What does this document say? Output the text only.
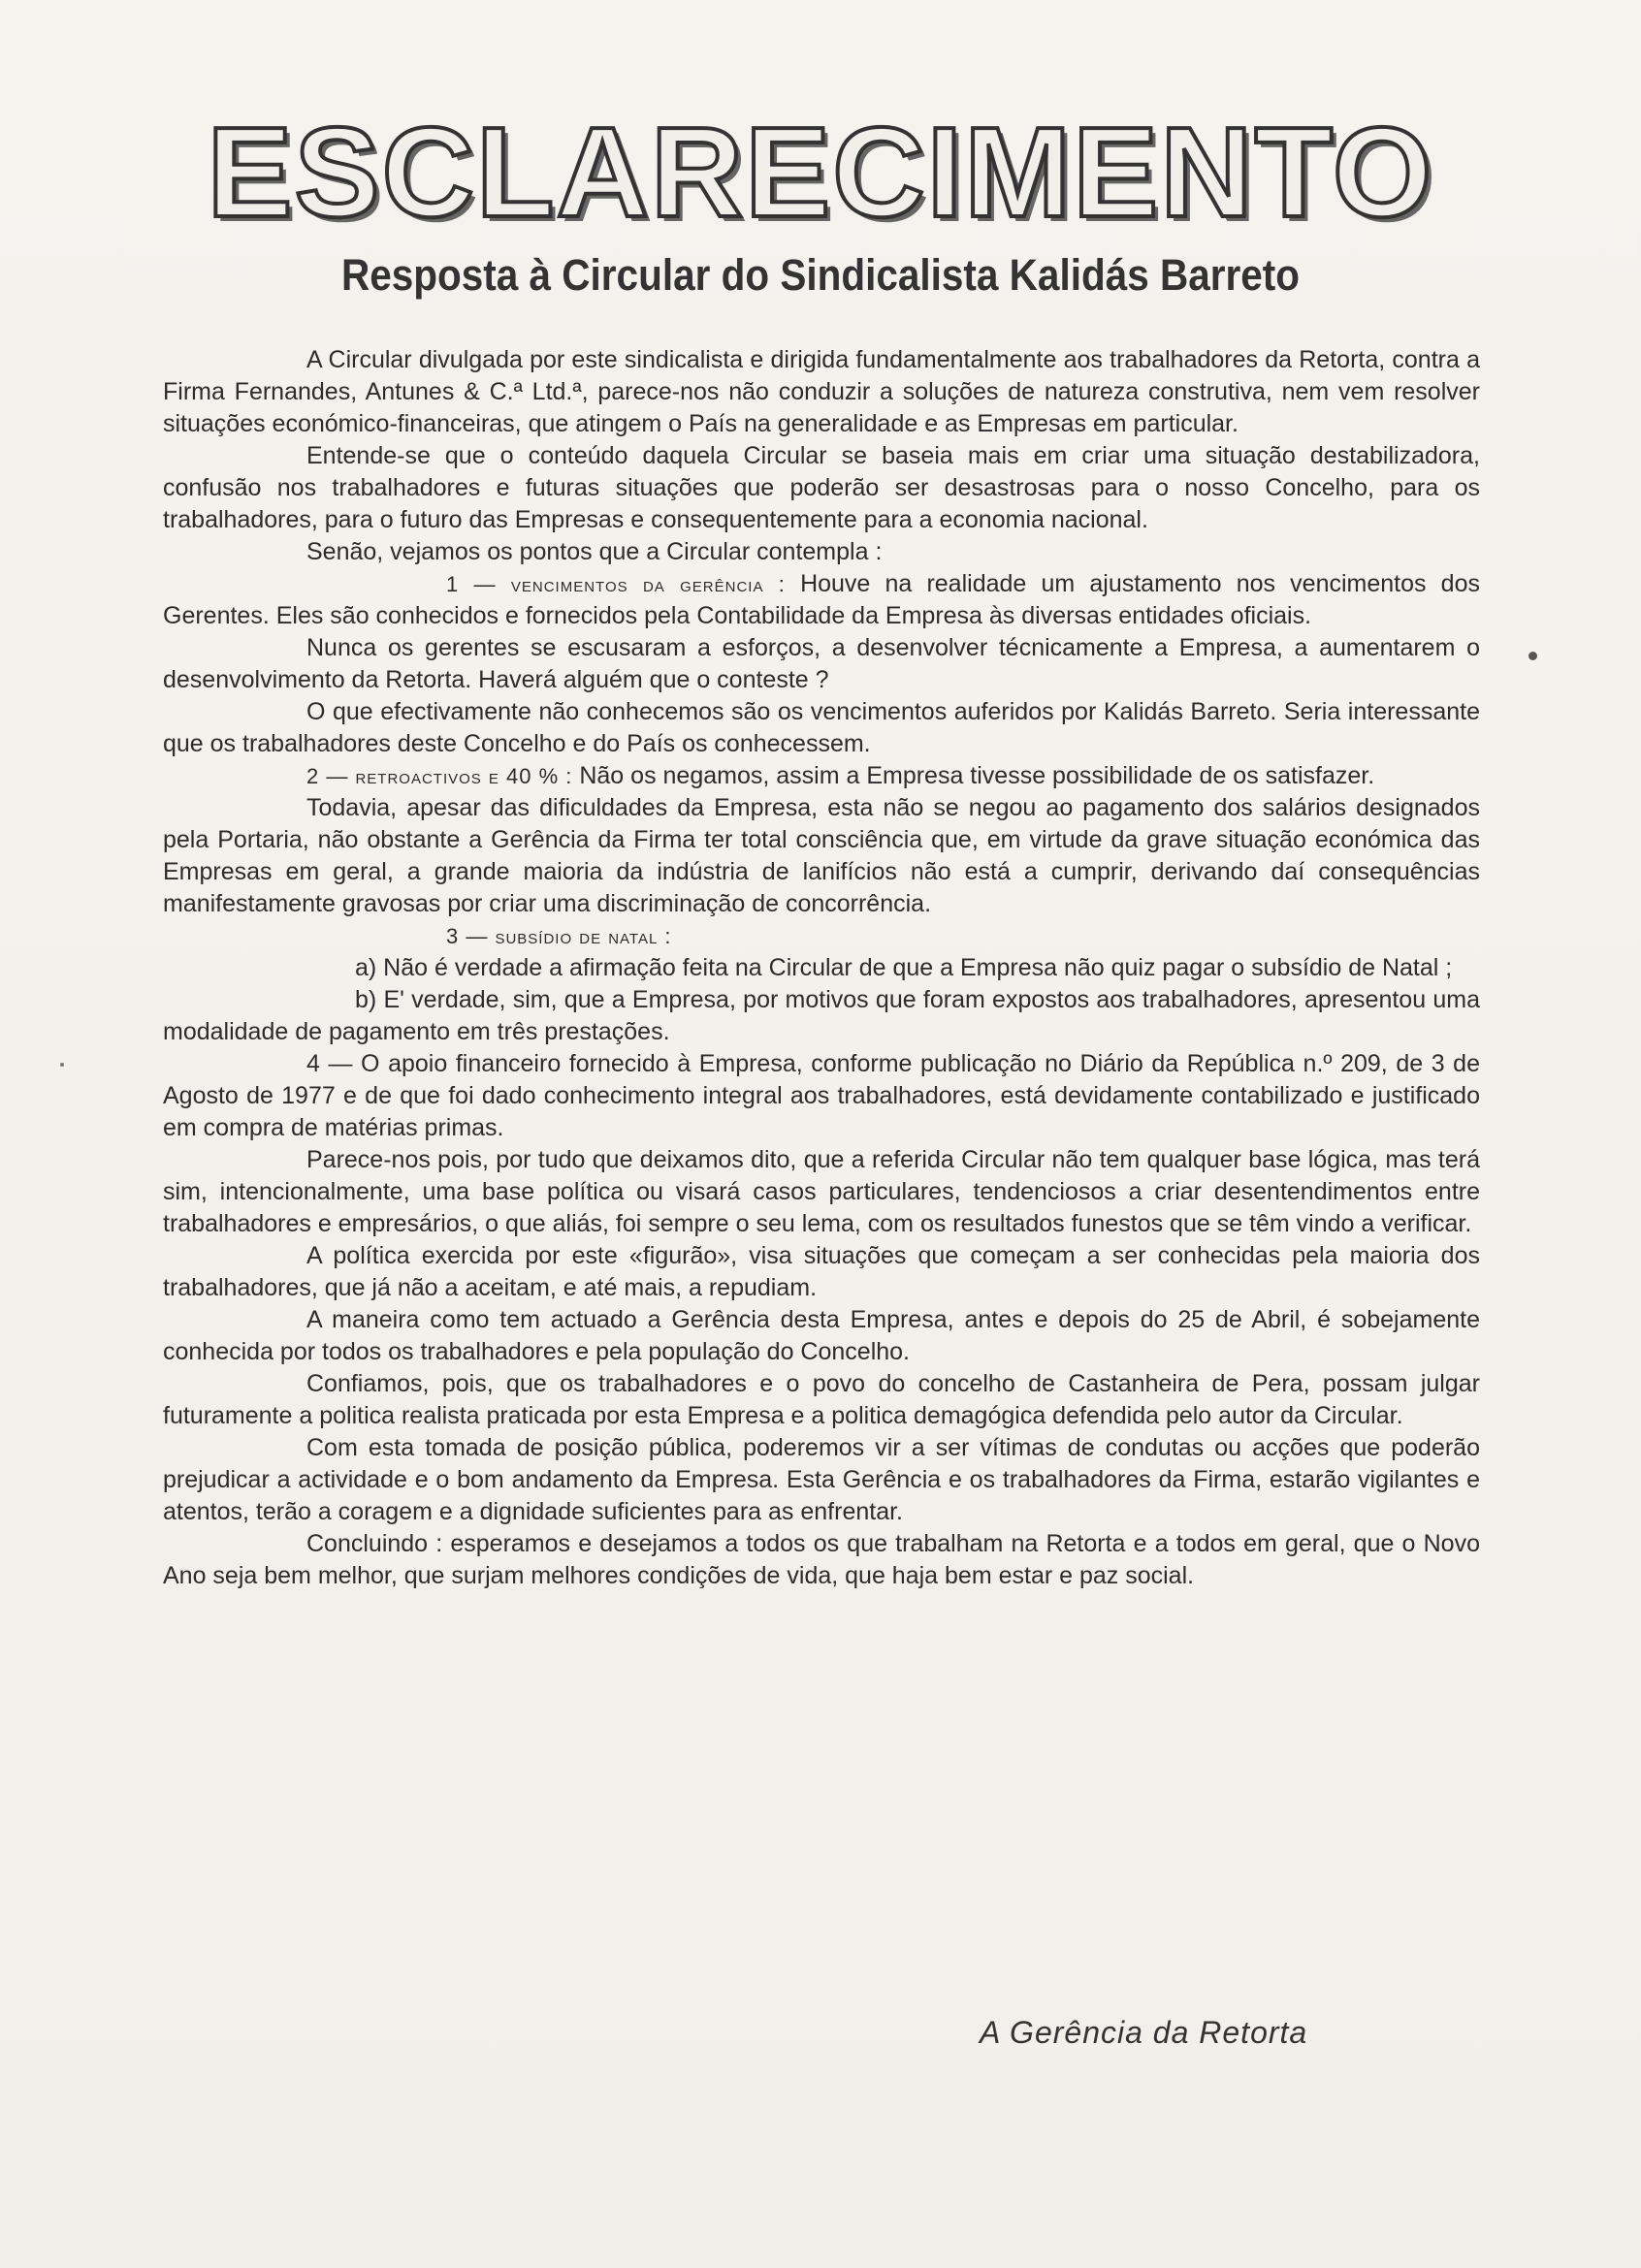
ESCLARECIMENTO
Resposta à Circular do Sindicalista Kalidás Barreto

A Circular divulgada por este sindicalista e dirigida fundamentalmente aos trabalhadores da Retorta, contra a Firma Fernandes, Antunes & C.ª Ltd.ª, parece-nos não conduzir a soluções de natureza construtiva, nem vem resolver situações económico-financeiras, que atingem o País na generalidade e as Empresas em particular.

Entende-se que o conteúdo daquela Circular se baseia mais em criar uma situação destabilizadora, confusão nos trabalhadores e futuras situações que poderão ser desastrosas para o nosso Concelho, para os trabalhadores, para o futuro das Empresas e consequentemente para a economia nacional.

Senão, vejamos os pontos que a Circular contempla :

1 — vencimentos da gerência : Houve na realidade um ajustamento nos vencimentos dos Gerentes. Eles são conhecidos e fornecidos pela Contabilidade da Empresa às diversas entidades oficiais.

Nunca os gerentes se escusaram a esforços, a desenvolver técnicamente a Empresa, a aumentarem o desenvolvimento da Retorta. Haverá alguém que o conteste ?

O que efectivamente não conhecemos são os vencimentos auferidos por Kalidás Barreto. Seria interessante que os trabalhadores deste Concelho e do País os conhecessem.

2 — retroactivos e 40 % : Não os negamos, assim a Empresa tivesse possibilidade de os satisfazer.

Todavia, apesar das dificuldades da Empresa, esta não se negou ao pagamento dos salários designados pela Portaria, não obstante a Gerência da Firma ter total consciência que, em virtude da grave situação económica das Empresas em geral, a grande maioria da indústria de lanifícios não está a cumprir, derivando daí consequências manifestamente gravosas por criar uma discriminação de concorrência.

3 — subsídio de natal :

a) Não é verdade a afirmação feita na Circular de que a Empresa não quiz pagar o subsídio de Natal ;

b) E' verdade, sim, que a Empresa, por motivos que foram expostos aos trabalhadores, apresentou uma modalidade de pagamento em três prestações.

4 — O apoio financeiro fornecido à Empresa, conforme publicação no Diário da República n.º 209, de 3 de Agosto de 1977 e de que foi dado conhecimento integral aos trabalhadores, está devidamente contabilizado e justificado em compra de matérias primas.

Parece-nos pois, por tudo que deixamos dito, que a referida Circular não tem qualquer base lógica, mas terá sim, intencionalmente, uma base política ou visará casos particulares, tendenciosos a criar desentendimentos entre trabalhadores e empresários, o que aliás, foi sempre o seu lema, com os resultados funestos que se têm vindo a verificar.

A política exercida por este «figurão», visa situações que começam a ser conhecidas pela maioria dos trabalhadores, que já não a aceitam, e até mais, a repudiam.

A maneira como tem actuado a Gerência desta Empresa, antes e depois do 25 de Abril, é sobejamente conhecida por todos os trabalhadores e pela população do Concelho.

Confiamos, pois, que os trabalhadores e o povo do concelho de Castanheira de Pera, possam julgar futuramente a politica realista praticada por esta Empresa e a politica demagógica defendida pelo autor da Circular.

Com esta tomada de posição pública, poderemos vir a ser vítimas de condutas ou acções que poderão prejudicar a actividade e o bom andamento da Empresa. Esta Gerência e os trabalhadores da Firma, estarão vigilantes e atentos, terão a coragem e a dignidade suficientes para as enfrentar.

Concluindo : esperamos e desejamos a todos os que trabalham na Retorta e a todos em geral, que o Novo Ano seja bem melhor, que surjam melhores condições de vida, que haja bem estar e paz social.

A Gerência da Retorta
